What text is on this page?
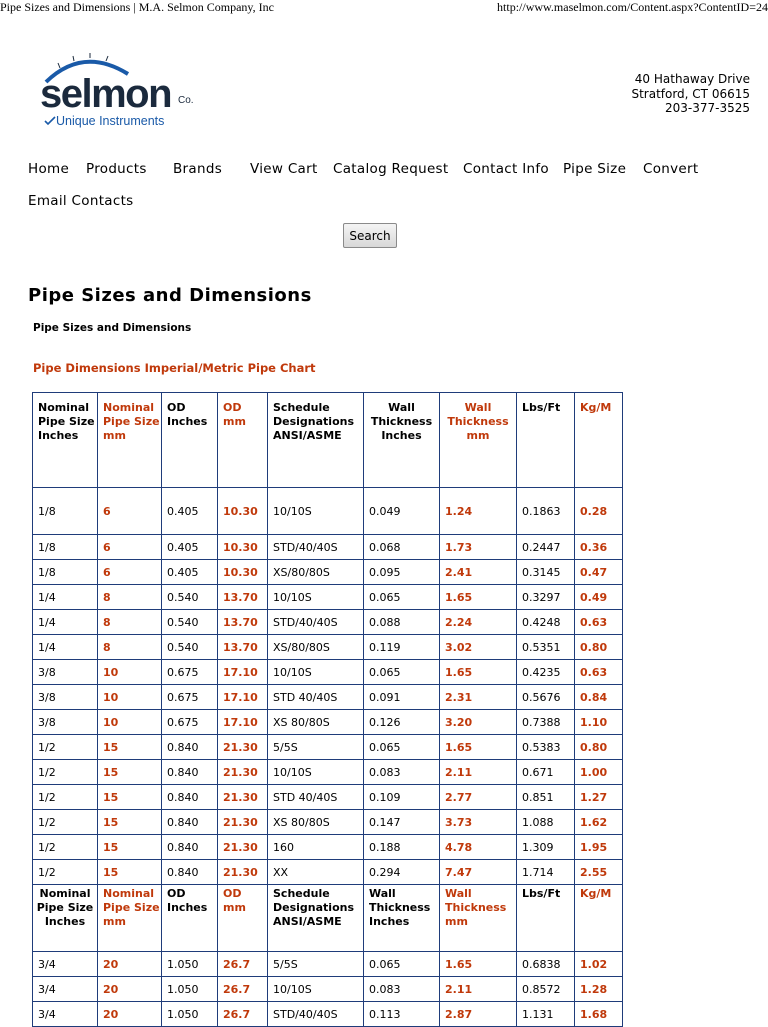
Pipe Sizes and Dimensions | M.A. Selmon Company, Inc	http://www.maselmon.com/Content.aspx?ContentID=24
selmon Co.
Unique Instruments
40 Hathaway Drive
Stratford, CT 06615
203-377-3525
Home Products Brands View Cart Catalog Request Contact Info Pipe Size Convert
Email Contacts
Search
Pipe Sizes and Dimensions
Pipe Sizes and Dimensions
Pipe Dimensions Imperial/Metric Pipe Chart
Nominal Pipe Size Inches	Nominal Pipe Size mm	OD Inches	OD mm	Schedule Designations ANSI/ASME	Wall Thickness Inches	Wall Thickness mm	Lbs/Ft	Kg/M
1/8	6	0.405	10.30	10/10S	0.049	1.24	0.1863	0.28
1/8	6	0.405	10.30	STD/40/40S	0.068	1.73	0.2447	0.36
1/8	6	0.405	10.30	XS/80/80S	0.095	2.41	0.3145	0.47
1/4	8	0.540	13.70	10/10S	0.065	1.65	0.3297	0.49
1/4	8	0.540	13.70	STD/40/40S	0.088	2.24	0.4248	0.63
1/4	8	0.540	13.70	XS/80/80S	0.119	3.02	0.5351	0.80
3/8	10	0.675	17.10	10/10S	0.065	1.65	0.4235	0.63
3/8	10	0.675	17.10	STD 40/40S	0.091	2.31	0.5676	0.84
3/8	10	0.675	17.10	XS 80/80S	0.126	3.20	0.7388	1.10
1/2	15	0.840	21.30	5/5S	0.065	1.65	0.5383	0.80
1/2	15	0.840	21.30	10/10S	0.083	2.11	0.671	1.00
1/2	15	0.840	21.30	STD 40/40S	0.109	2.77	0.851	1.27
1/2	15	0.840	21.30	XS 80/80S	0.147	3.73	1.088	1.62
1/2	15	0.840	21.30	160	0.188	4.78	1.309	1.95
1/2	15	0.840	21.30	XX	0.294	7.47	1.714	2.55
Nominal Pipe Size Inches	Nominal Pipe Size mm	OD Inches	OD mm	Schedule Designations ANSI/ASME	Wall Thickness Inches	Wall Thickness mm	Lbs/Ft	Kg/M
3/4	20	1.050	26.7	5/5S	0.065	1.65	0.6838	1.02
3/4	20	1.050	26.7	10/10S	0.083	2.11	0.8572	1.28
3/4	20	1.050	26.7	STD/40/40S	0.113	2.87	1.131	1.68
